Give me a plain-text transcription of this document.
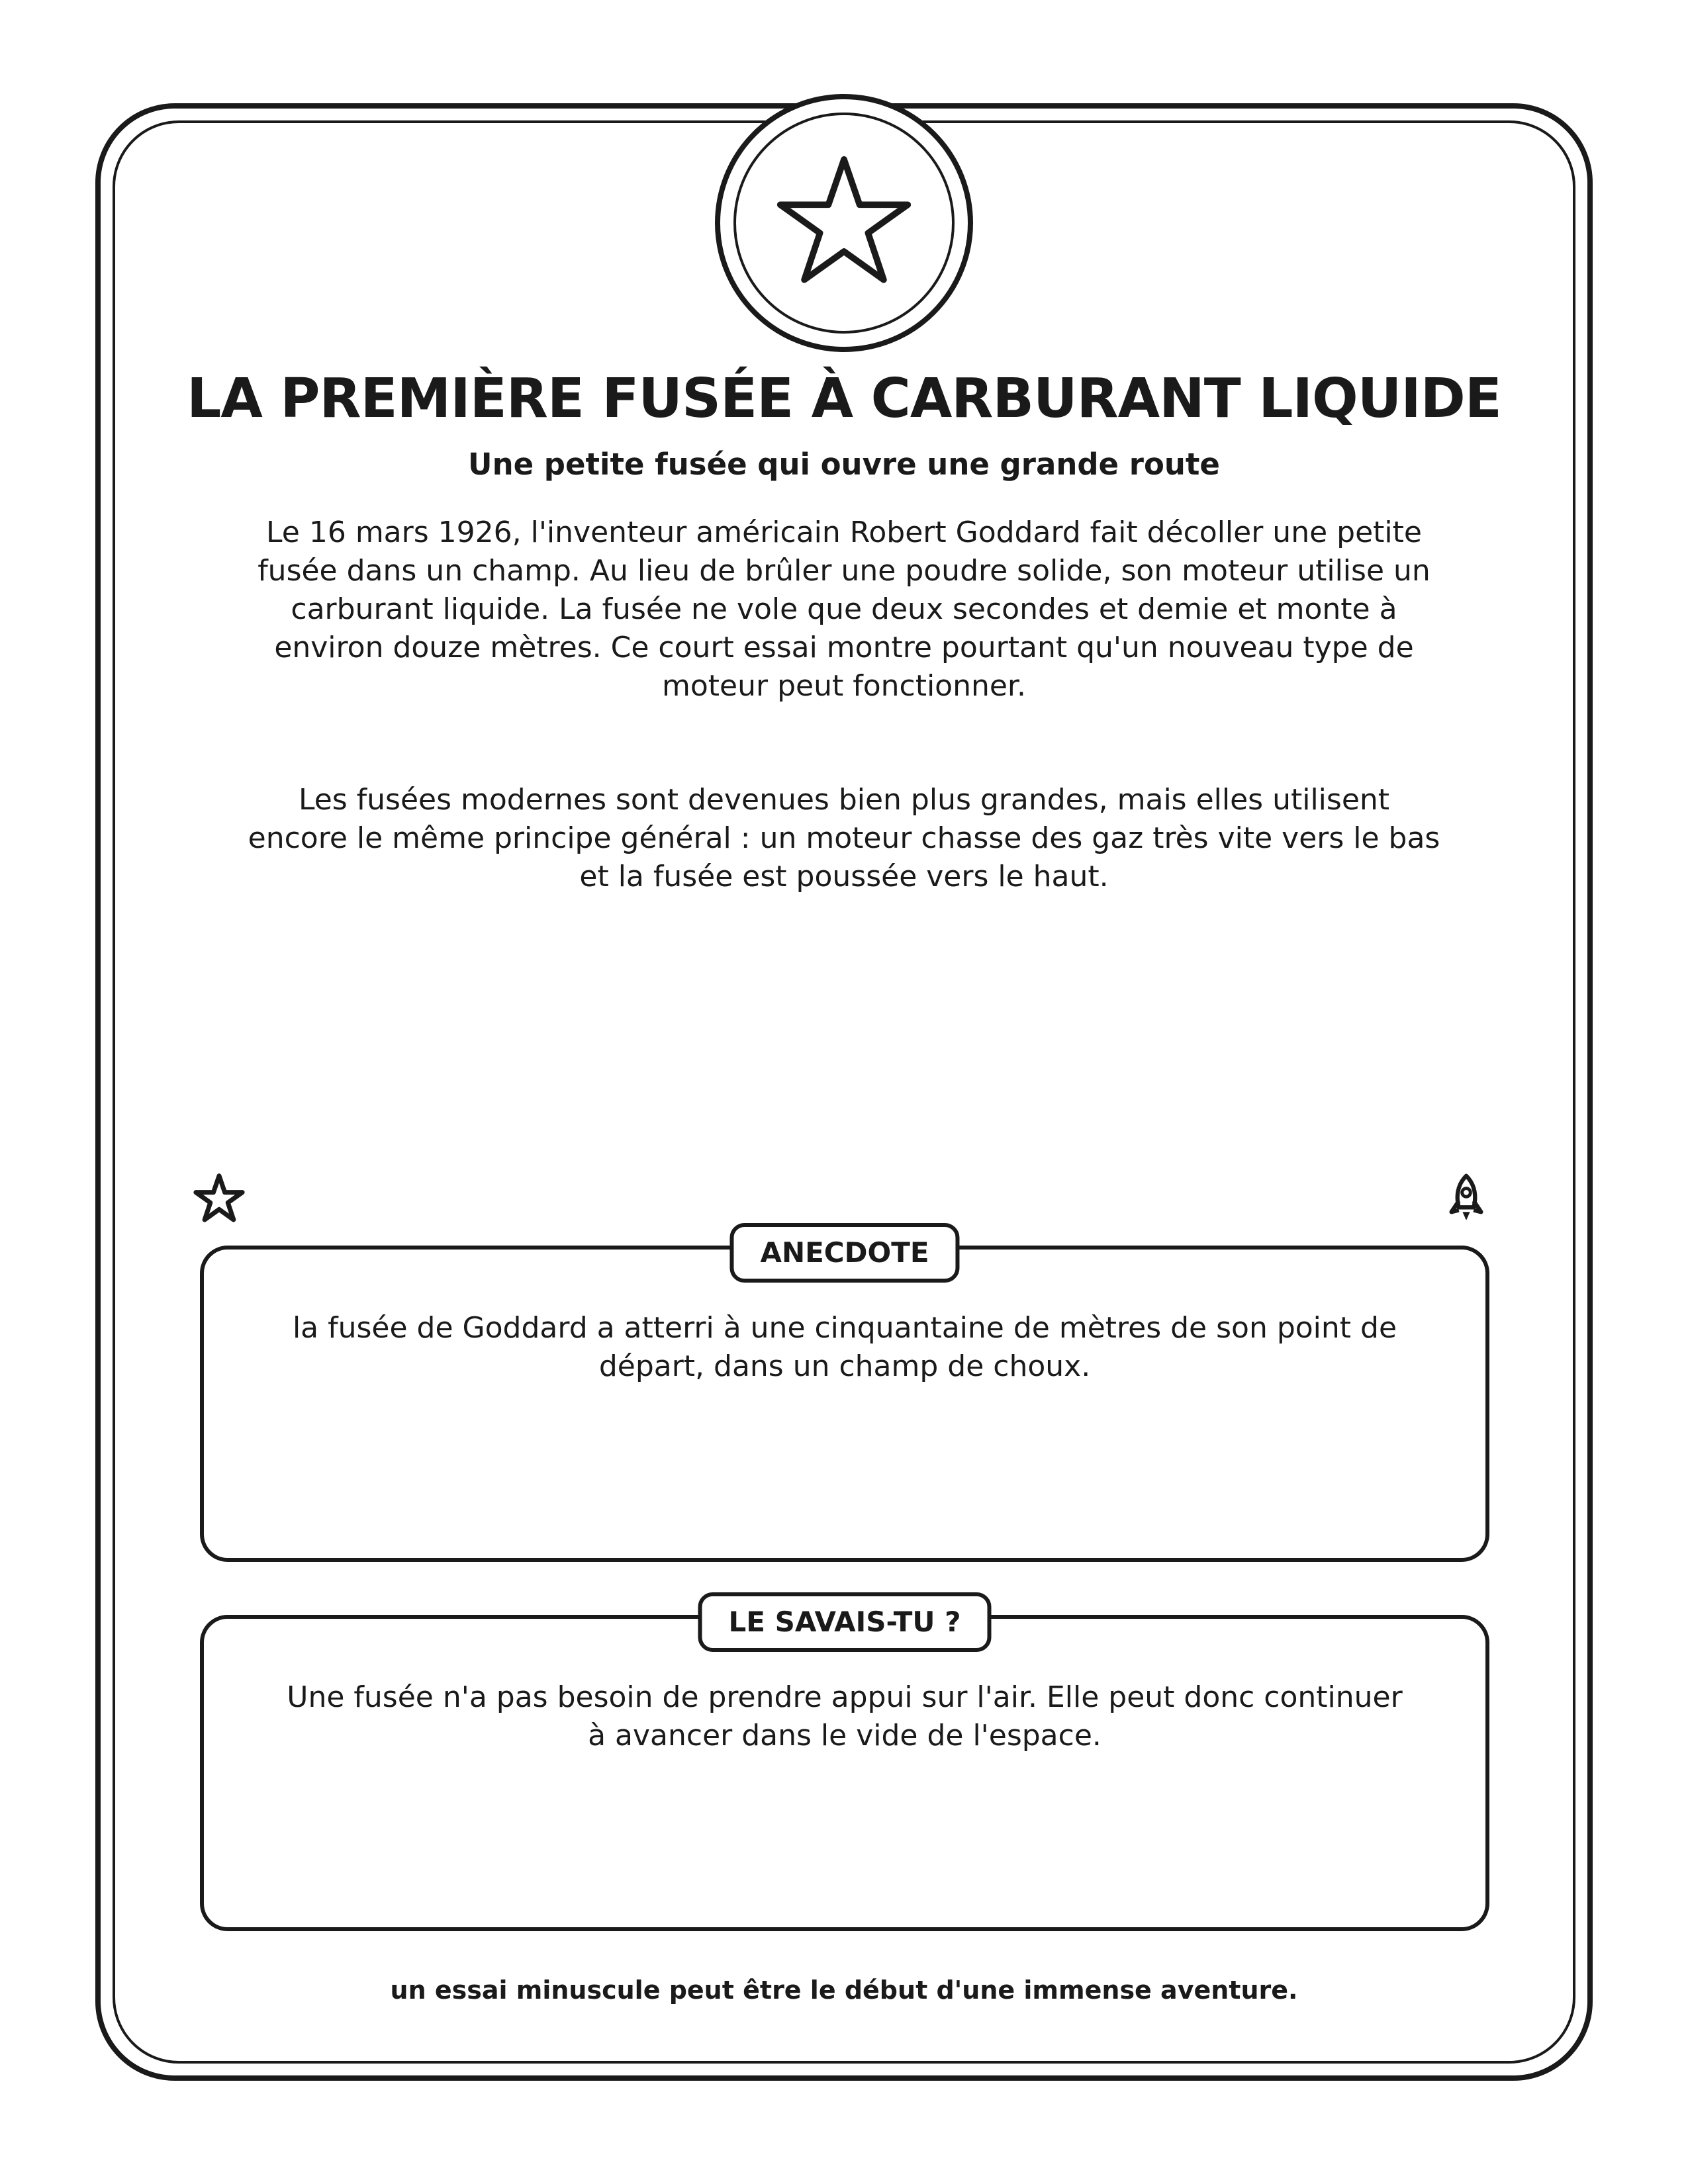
LA PREMIÈRE FUSÉE À CARBURANT LIQUIDE
Une petite fusée qui ouvre une grande route
Le 16 mars 1926, l'inventeur américain Robert Goddard fait décoller une petite fusée dans un champ. Au lieu de brûler une poudre solide, son moteur utilise un carburant liquide. La fusée ne vole que deux secondes et demie et monte à environ douze mètres. Ce court essai montre pourtant qu'un nouveau type de moteur peut fonctionner.
Les fusées modernes sont devenues bien plus grandes, mais elles utilisent encore le même principe général : un moteur chasse des gaz très vite vers le bas et la fusée est poussée vers le haut.
ANECDOTE
la fusée de Goddard a atterri à une cinquantaine de mètres de son point de départ, dans un champ de choux.
LE SAVAIS-TU ?
Une fusée n'a pas besoin de prendre appui sur l'air. Elle peut donc continuer à avancer dans le vide de l'espace.
un essai minuscule peut être le début d'une immense aventure.
